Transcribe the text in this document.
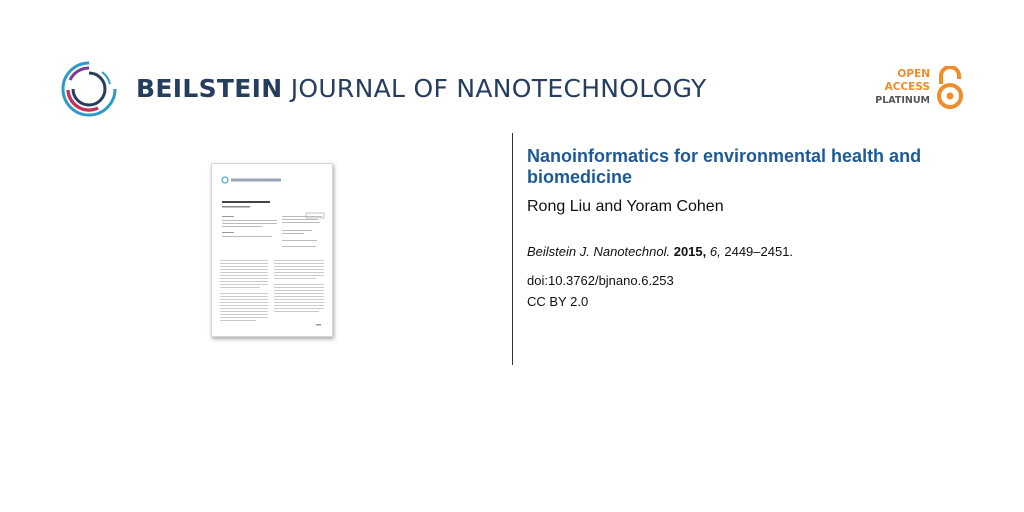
BEILSTEIN JOURNAL OF NANOTECHNOLOGY	OPEN
ACCESS
PLATINUM
Nanoinformatics for environmental health and biomedicine
Rong Liu and Yoram Cohen
Beilstein J. Nanotechnol. 2015, 6, 2449–2451.
doi:10.3762/bjnano.6.253
CC BY 2.0
